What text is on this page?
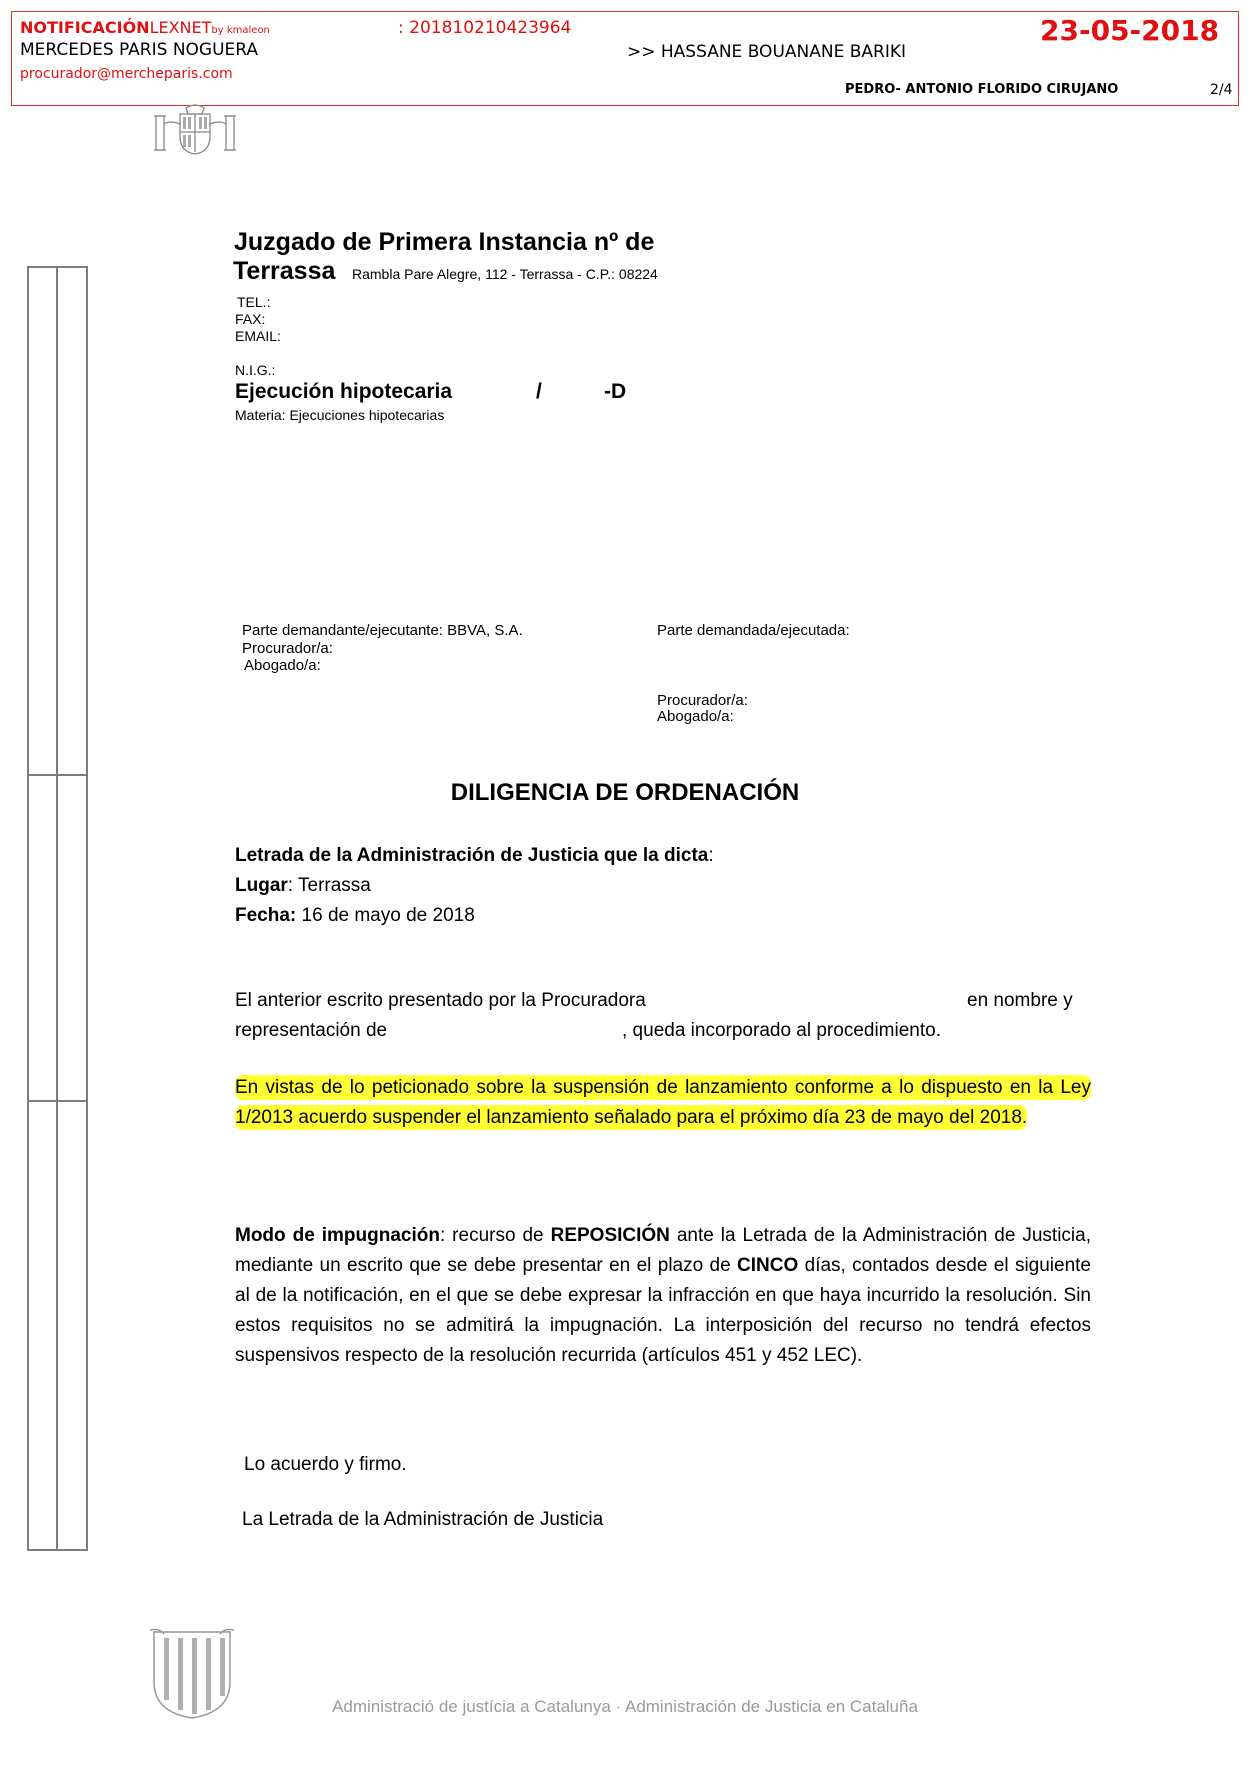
NOTIFICACIÓNLEXNETby kmaleon	: 201810210423964	23-05-2018
MERCEDES PARIS NOGUERA	>> HASSANE BOUANANE BARIKI
procurador@mercheparis.com
PEDRO- ANTONIO FLORIDO CIRUJANO	2/4
Juzgado de Primera Instancia nº de
Terrassa Rambla Pare Alegre, 112 - Terrassa - C.P.: 08224
TEL.:
FAX:
EMAIL:
N.I.G.:
Ejecución hipotecaria	/	-D
Materia: Ejecuciones hipotecarias
Parte demandante/ejecutante: BBVA, S.A.
Procurador/a:
Abogado/a:
Parte demandada/ejecutada:
Procurador/a:
Abogado/a:
DILIGENCIA DE ORDENACIÓN
Letrada de la Administración de Justicia que la dicta:
Lugar: Terrassa
Fecha: 16 de mayo de 2018
El anterior escrito presentado por la Procuradora	en nombre y
representación de	, queda incorporado al procedimiento.
En vistas de lo peticionado sobre la suspensión de lanzamiento conforme a lo dispuesto en la Ley 1/2013 acuerdo suspender el lanzamiento señalado para el próximo día 23 de mayo del 2018.
Modo de impugnación: recurso de REPOSICIÓN ante la Letrada de la Administración de Justicia, mediante un escrito que se debe presentar en el plazo de CINCO días, contados desde el siguiente al de la notificación, en el que se debe expresar la infracción en que haya incurrido la resolución. Sin estos requisitos no se admitirá la impugnación. La interposición del recurso no tendrá efectos suspensivos respecto de la resolución recurrida (artículos 451 y 452 LEC).
Lo acuerdo y firmo.
La Letrada de la Administración de Justicia
Administració de justícia a Catalunya · Administración de Justicia en Cataluña
